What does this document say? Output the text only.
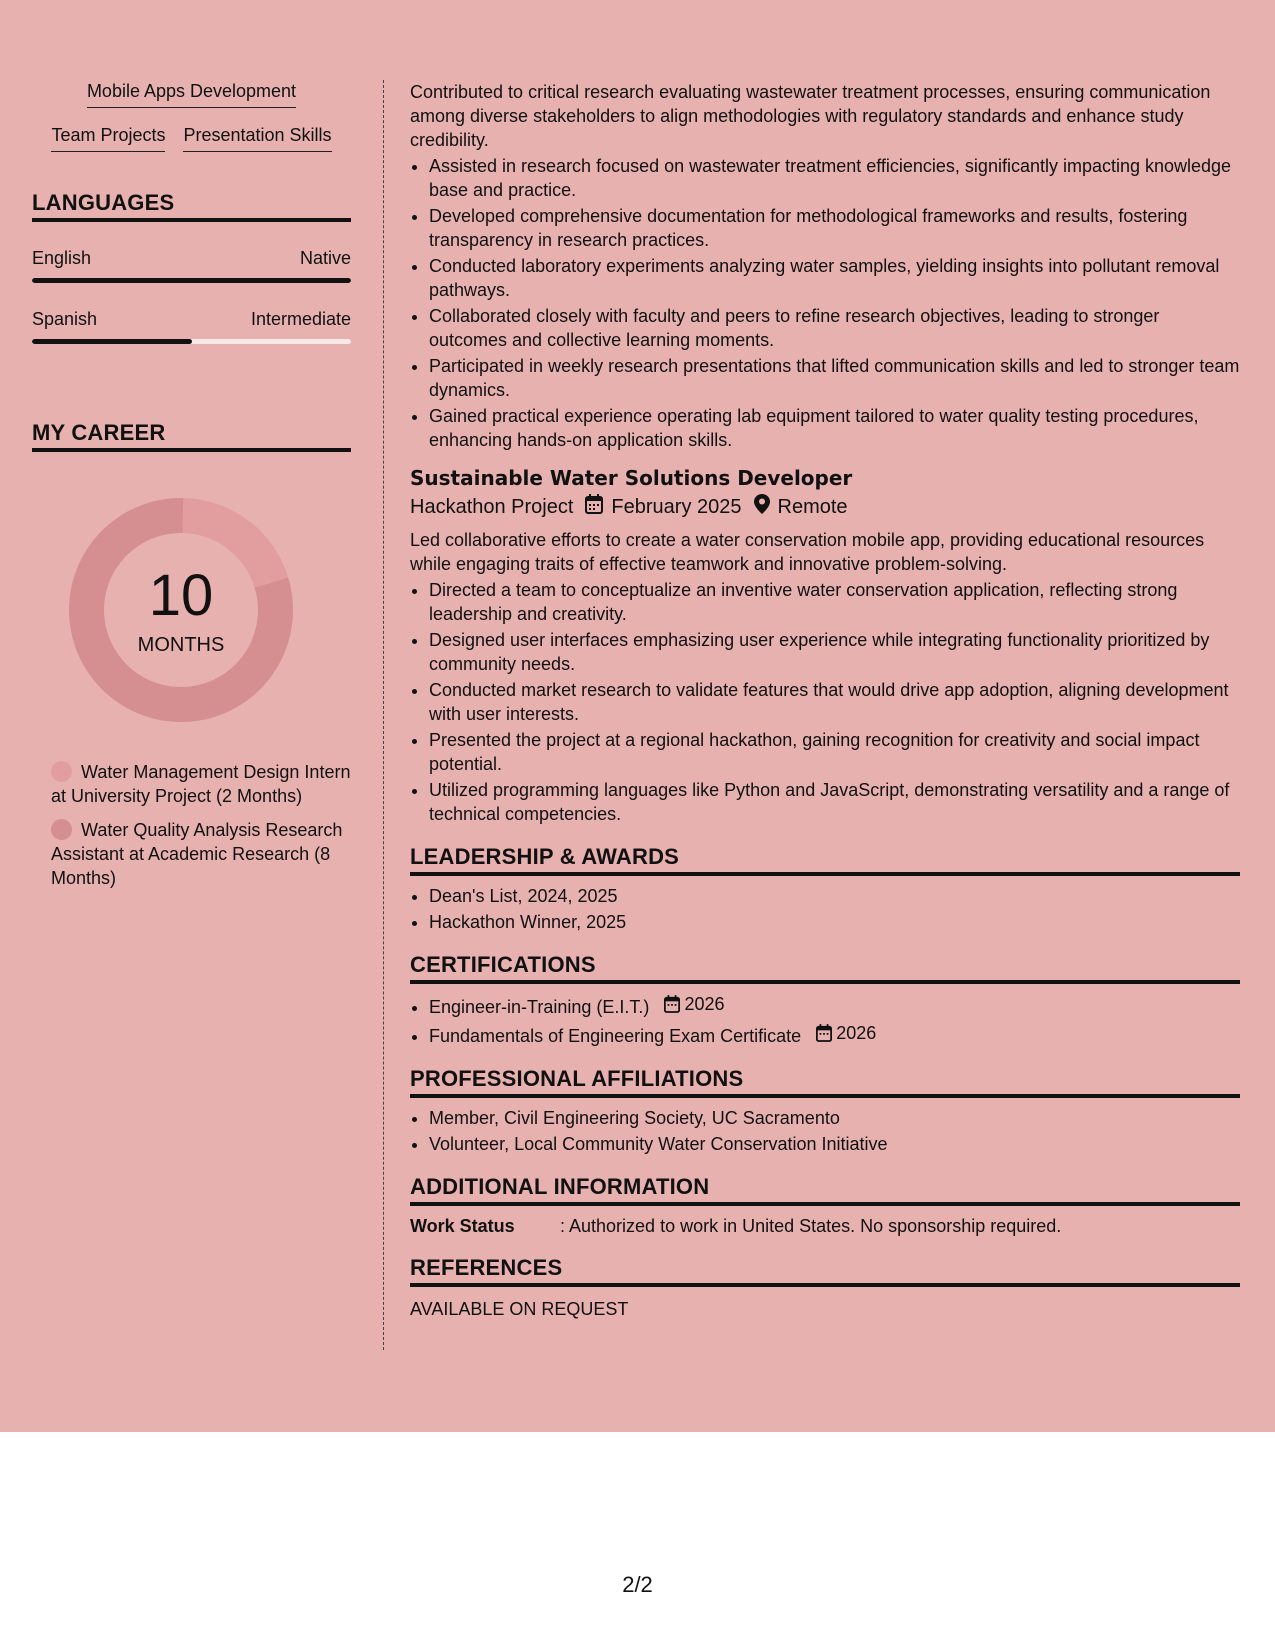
Mobile Apps Development
Team Projects Presentation Skills
LANGUAGES
English	Native
Spanish	Intermediate
MY CAREER
10
MONTHS
Water Management Design Intern at University Project (2 Months)
Water Quality Analysis Research Assistant at Academic Research (8 Months)

Contributed to critical research evaluating wastewater treatment processes, ensuring communication among diverse stakeholders to align methodologies with regulatory standards and enhance study credibility.

• Assisted in research focused on wastewater treatment efficiencies, significantly impacting knowledge base and practice.
• Developed comprehensive documentation for methodological frameworks and results, fostering transparency in research practices.
• Conducted laboratory experiments analyzing water samples, yielding insights into pollutant removal pathways.
• Collaborated closely with faculty and peers to refine research objectives, leading to stronger outcomes and collective learning moments.
• Participated in weekly research presentations that lifted communication skills and led to stronger team dynamics.
• Gained practical experience operating lab equipment tailored to water quality testing procedures, enhancing hands-on application skills.
Sustainable Water Solutions Developer
Hackathon Project February 2025 Remote

Led collaborative efforts to create a water conservation mobile app, providing educational resources while engaging traits of effective teamwork and innovative problem-solving.

• Directed a team to conceptualize an inventive water conservation application, reflecting strong leadership and creativity.
• Designed user interfaces emphasizing user experience while integrating functionality prioritized by community needs.
• Conducted market research to validate features that would drive app adoption, aligning development with user interests.
• Presented the project at a regional hackathon, gaining recognition for creativity and social impact potential.
• Utilized programming languages like Python and JavaScript, demonstrating versatility and a range of technical competencies.
LEADERSHIP & AWARDS
• Dean's List, 2024, 2025
• Hackathon Winner, 2025
CERTIFICATIONS
• Engineer-in-Training (E.I.T.) 2026
• Fundamentals of Engineering Exam Certificate 2026
PROFESSIONAL AFFILIATIONS
• Member, Civil Engineering Society, UC Sacramento
• Volunteer, Local Community Water Conservation Initiative
ADDITIONAL INFORMATION
Work Status	: Authorized to work in United States. No sponsorship required.
REFERENCES
AVAILABLE ON REQUEST
2/2
